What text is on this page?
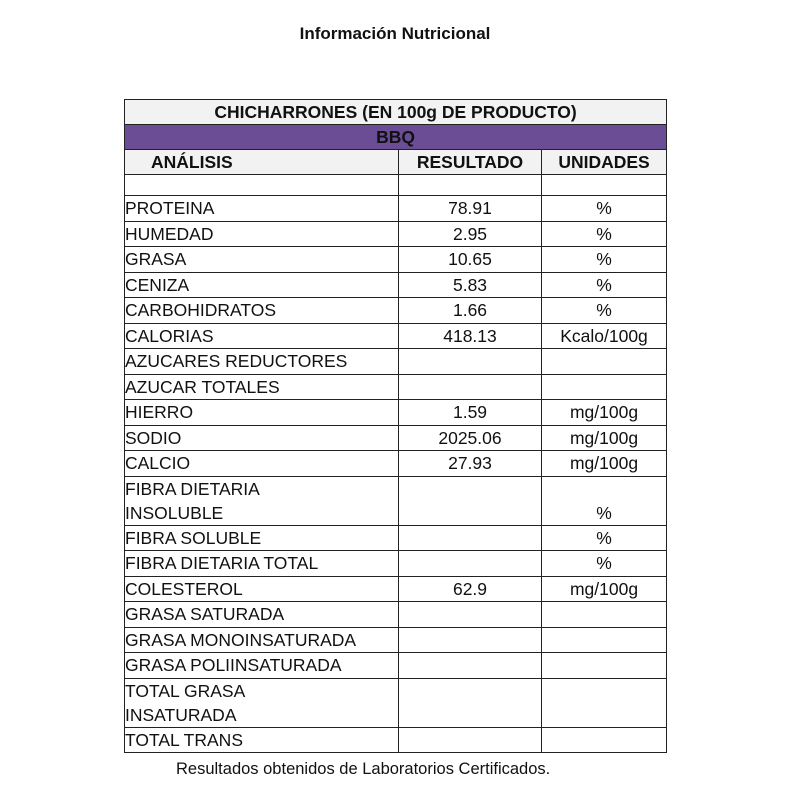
Información Nutricional
CHICHARRONES (EN 100g DE PRODUCTO)		
BBQ		
ANÁLISIS	RESULTADO	UNIDADES

PROTEINA	78.91	%

HUMEDAD	2.95	%

GRASA	10.65	%

CENIZA	5.83	%

CARBOHIDRATOS	1.66	%

CALORIAS	418.13	Kcalo/100g

AZUCARES REDUCTORES		

AZUCAR TOTALES		

HIERRO	1.59	mg/100g

SODIO	2025.06	mg/100g

CALCIO	27.93	mg/100g

FIBRA DIETARIA
INSOLUBLE		%

FIBRA SOLUBLE		%

FIBRA DIETARIA TOTAL		%

COLESTEROL	62.9	mg/100g

GRASA SATURADA		

GRASA MONOINSATURADA		

GRASA POLIINSATURADA		

TOTAL GRASA
INSATURADA		

TOTAL TRANS		

Resultados obtenidos de Laboratorios Certificados.
